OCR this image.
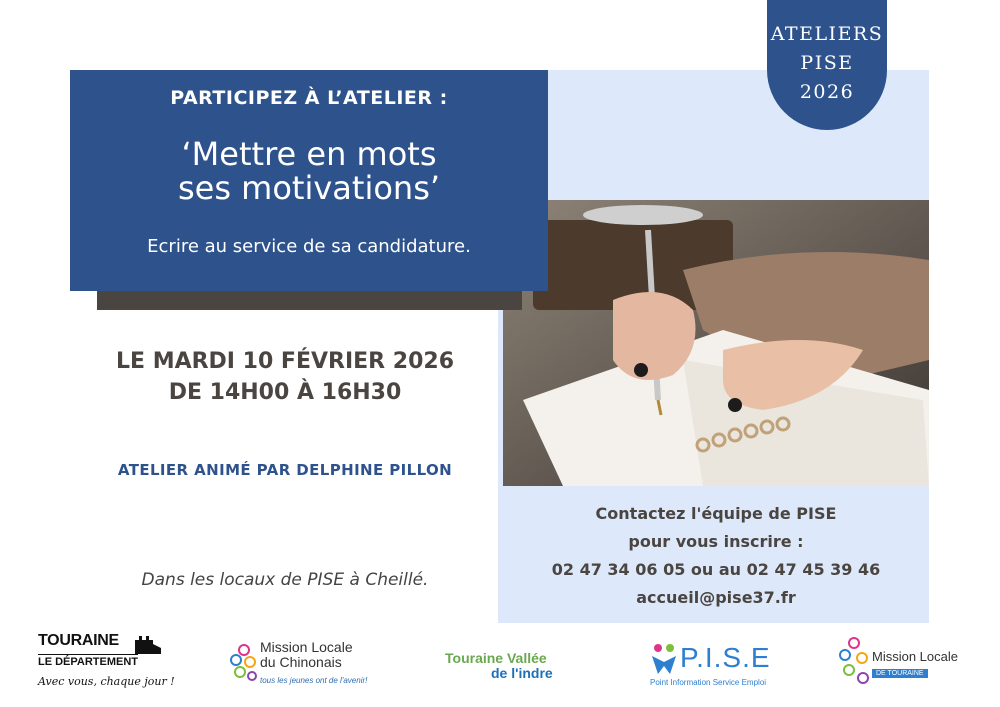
PARTICIPEZ À L’ATELIER :
‘Mettre en mots
ses motivations’
Ecrire au service de sa candidature.
ATELIERS
PISE
2026
LE MARDI 10 FÉVRIER 2026
DE 14H00 À 16H30
ATELIER ANIMÉ PAR DELPHINE PILLON
Dans les locaux de PISE à Cheillé.
Contactez l'équipe de PISE
pour vous inscrire :
02 47 34 06 05 ou au 02 47 45 39 46
accueil@pise37.fr
TOURAINE
LE DÉPARTEMENT
Avec vous, chaque jour !
Mission Locale
du Chinonais
tous les jeunes ont de l'avenir!
Touraine Vallée
de l'indre	P.I.S.E
Point Information Service Emploi
Mission Locale
DE TOURAINE
